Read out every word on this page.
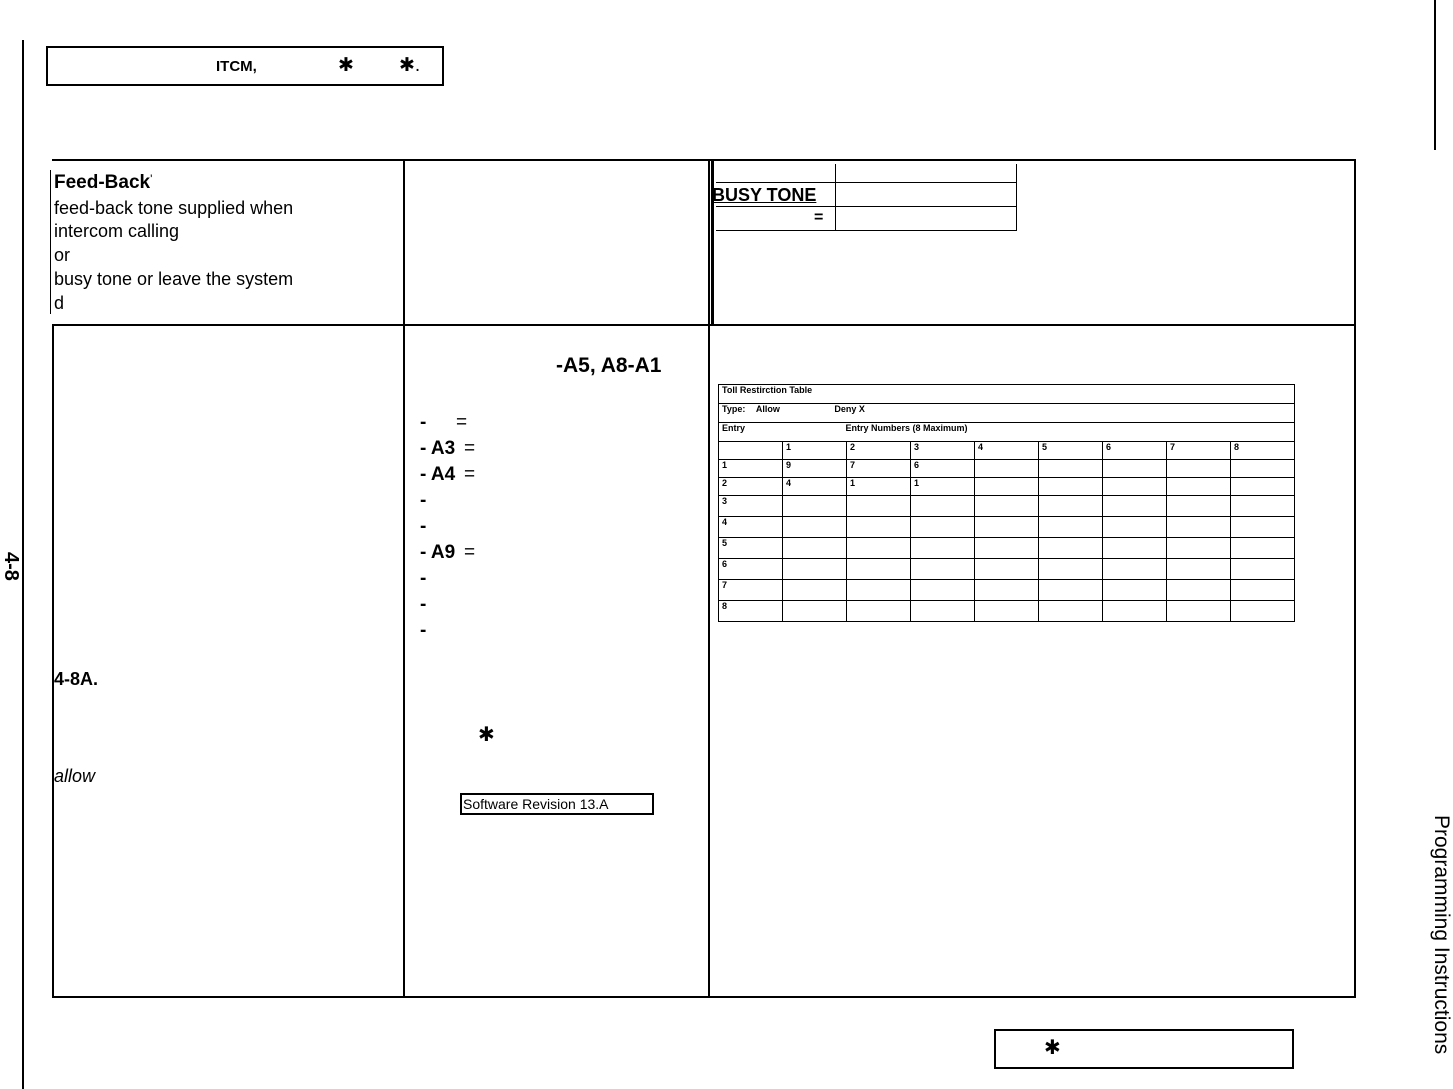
4-8
Programming Instructions
ITCM,	✱ ✱.
Feed-Back'
feed-back tone supplied when
intercom calling
or
busy tone or leave the system
d

BUSY TONE	
=	
4-8A.
allow
-A5, A8-A1
- =
- A3 =
- A4 =
-
-
- A9 =
-
-
-
✱
Software Revision 13.A
Toll Restirction Table								
Type: Allow Deny X								
Entry Entry Numbers (8 Maximum)								
	1	2	3	4	5	6	7	8
1	9	7	6					
2	4	1	1					
3								
4								
5								
6								
7								
8								
✱
